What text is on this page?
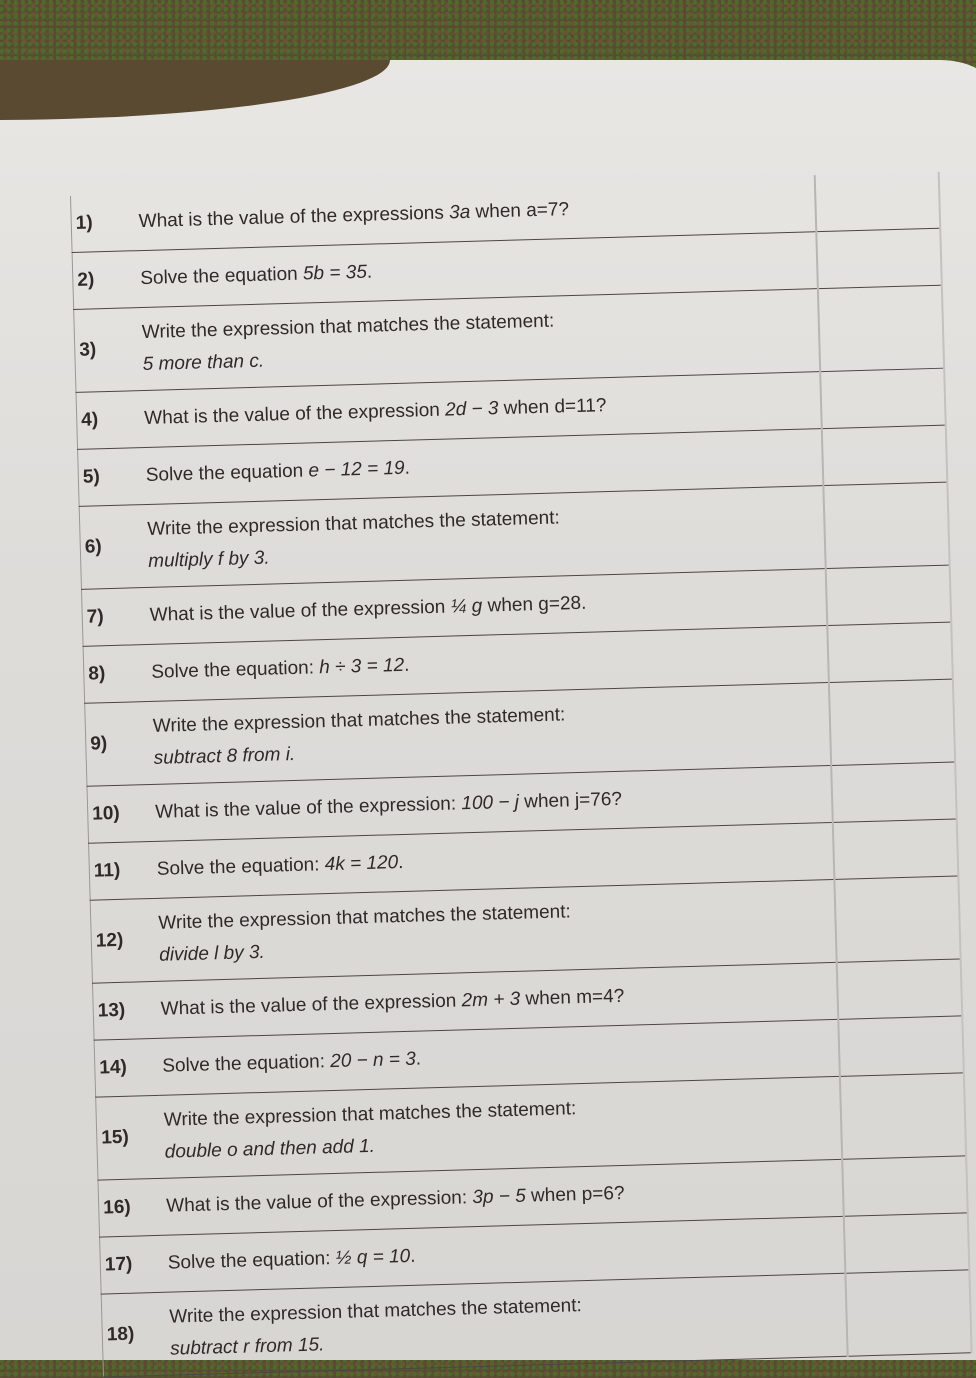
1)	What is the value of the expressions 3a when a=7?	
2)	Solve the equation 5b = 35.	
3)	Write the expression that matches the statement:
5 more than c.	

4)	What is the value of the expression 2d − 3 when d=11?	
5)	Solve the equation e − 12 = 19.	
6)	Write the expression that matches the statement:
multiply f by 3.	

7)	What is the value of the expression ¼ g when g=28.	
8)	Solve the equation: h ÷ 3 = 12.	
9)	Write the expression that matches the statement:
subtract 8 from i.	

10)	What is the value of the expression: 100 − j when j=76?	
11)	Solve the equation: 4k = 120.	
12)	Write the expression that matches the statement:
divide l by 3.	

13)	What is the value of the expression 2m + 3 when m=4?	
14)	Solve the equation: 20 − n = 3.	
15)	Write the expression that matches the statement:
double o and then add 1.	

16)	What is the value of the expression: 3p − 5 when p=6?	
17)	Solve the equation: ½ q = 10.	
18)	Write the expression that matches the statement:
subtract r from 15.	
